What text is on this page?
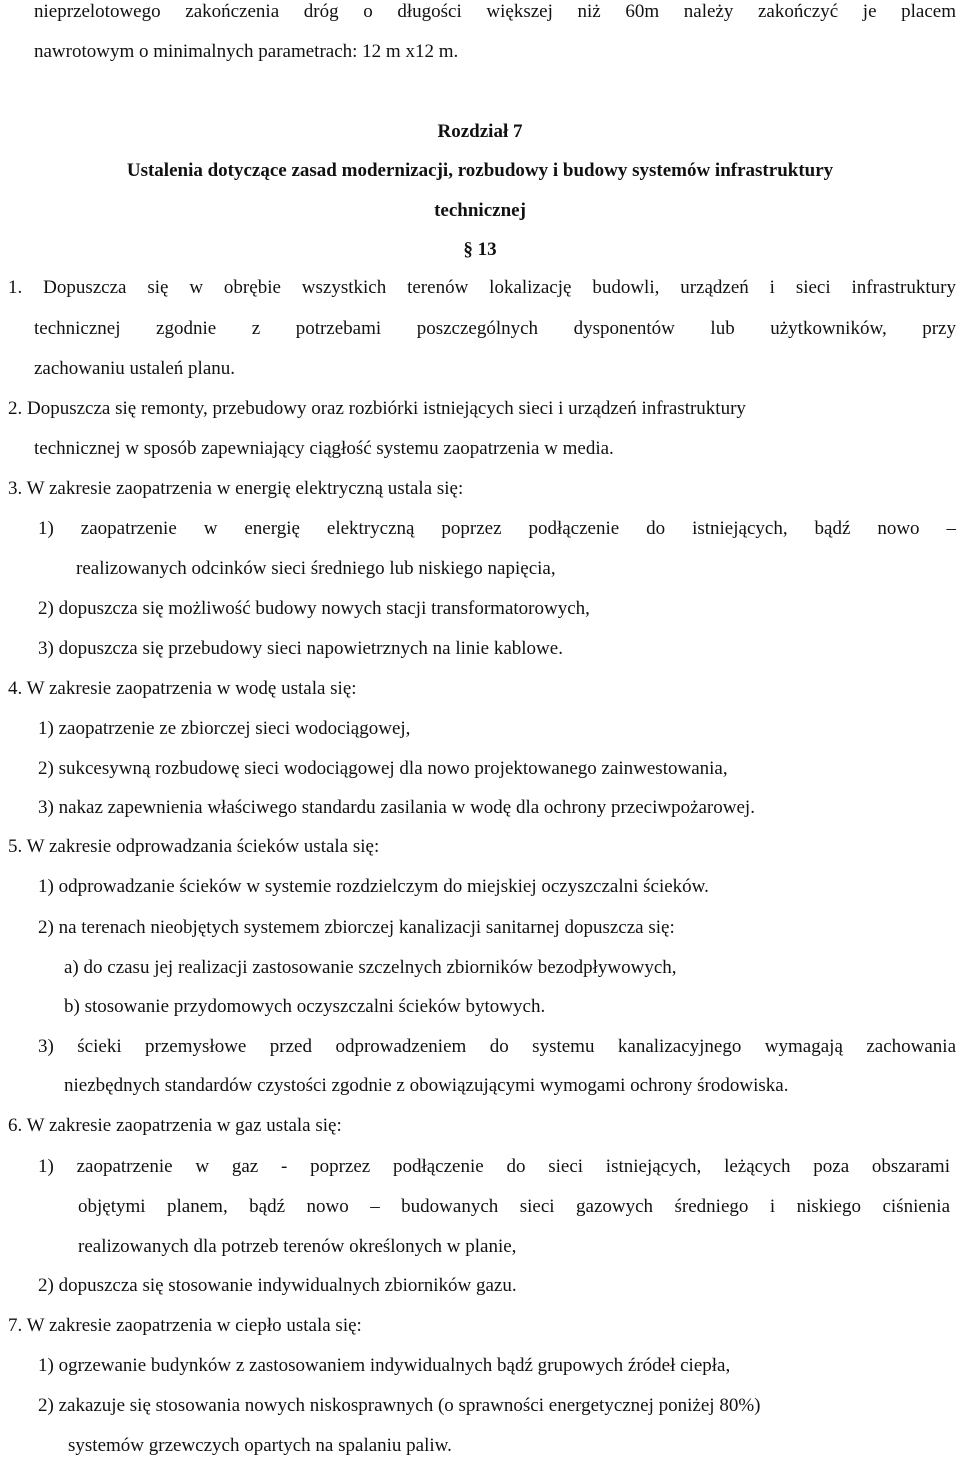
nieprzelotowego zakończenia dróg o długości większej niż 60m należy zakończyć je placem
nawrotowym o minimalnych parametrach: 12 m x12 m.
Rozdział 7
Ustalenia dotyczące zasad modernizacji, rozbudowy i budowy systemów infrastruktury
technicznej
§ 13
1. Dopuszcza się w obrębie wszystkich terenów lokalizację budowli, urządzeń i sieci infrastruktury
technicznej zgodnie z potrzebami poszczególnych dysponentów lub użytkowników, przy
zachowaniu ustaleń planu.
2. Dopuszcza się remonty, przebudowy oraz rozbiórki istniejących sieci i urządzeń infrastruktury
technicznej w sposób zapewniający ciągłość systemu zaopatrzenia w media.
3. W zakresie zaopatrzenia w energię elektryczną ustala się:
1) zaopatrzenie w energię elektryczną poprzez podłączenie do istniejących, bądź nowo –
realizowanych odcinków sieci średniego lub niskiego napięcia,
2) dopuszcza się możliwość budowy nowych stacji transformatorowych,
3) dopuszcza się przebudowy sieci napowietrznych na linie kablowe.
4. W zakresie zaopatrzenia w wodę ustala się:
1) zaopatrzenie ze zbiorczej sieci wodociągowej,
2) sukcesywną rozbudowę sieci wodociągowej dla nowo projektowanego zainwestowania,
3) nakaz zapewnienia właściwego standardu zasilania w wodę dla ochrony przeciwpożarowej.
5. W zakresie odprowadzania ścieków ustala się:
1) odprowadzanie ścieków w systemie rozdzielczym do miejskiej oczyszczalni ścieków.
2) na terenach nieobjętych systemem zbiorczej kanalizacji sanitarnej dopuszcza się:
a) do czasu jej realizacji zastosowanie szczelnych zbiorników bezodpływowych,
b) stosowanie przydomowych oczyszczalni ścieków bytowych.
3) ścieki przemysłowe przed odprowadzeniem do systemu kanalizacyjnego wymagają zachowania
niezbędnych standardów czystości zgodnie z obowiązującymi wymogami ochrony środowiska.
6. W zakresie zaopatrzenia w gaz ustala się:
1) zaopatrzenie w gaz - poprzez podłączenie do sieci istniejących, leżących poza obszarami
objętymi planem, bądź nowo – budowanych sieci gazowych średniego i niskiego ciśnienia
realizowanych dla potrzeb terenów określonych w planie,
2) dopuszcza się stosowanie indywidualnych zbiorników gazu.
7. W zakresie zaopatrzenia w ciepło ustala się:
1) ogrzewanie budynków z zastosowaniem indywidualnych bądź grupowych źródeł ciepła,
2) zakazuje się stosowania nowych niskosprawnych (o sprawności energetycznej poniżej 80%)
systemów grzewczych opartych na spalaniu paliw.
